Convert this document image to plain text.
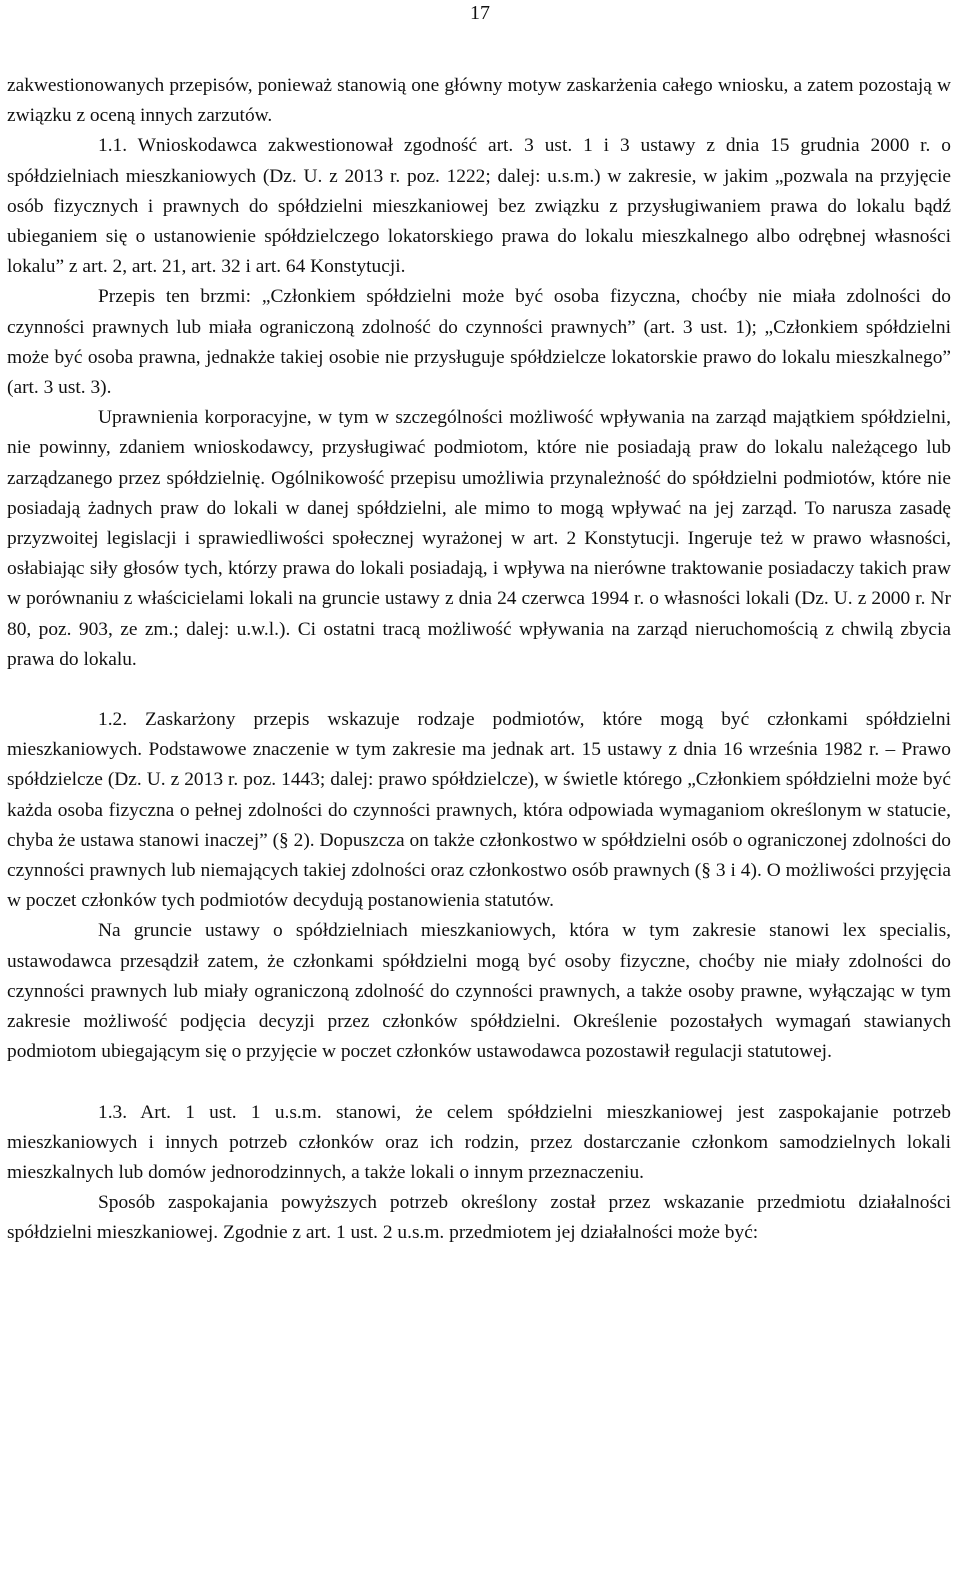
17

zakwestionowanych przepisów, ponieważ stanowią one główny motyw zaskarżenia całego wniosku, a zatem pozostają w związku z oceną innych zarzutów.

1.1. Wnioskodawca zakwestionował zgodność art. 3 ust. 1 i 3 ustawy z dnia 15 grudnia 2000 r. o spółdzielniach mieszkaniowych (Dz. U. z 2013 r. poz. 1222; dalej: u.s.m.) w zakresie, w jakim „pozwala na przyjęcie osób fizycznych i prawnych do spółdzielni mieszkaniowej bez związku z przysługiwaniem prawa do lokalu bądź ubieganiem się o ustanowienie spółdzielczego lokatorskiego prawa do lokalu mieszkalnego albo odrębnej własności lokalu” z art. 2, art. 21, art. 32 i art. 64 Konstytucji.

Przepis ten brzmi: „Członkiem spółdzielni może być osoba fizyczna, choćby nie miała zdolności do czynności prawnych lub miała ograniczoną zdolność do czynności prawnych” (art. 3 ust. 1); „Członkiem spółdzielni może być osoba prawna, jednakże takiej osobie nie przysługuje spółdzielcze lokatorskie prawo do lokalu mieszkalnego” (art. 3 ust. 3).

Uprawnienia korporacyjne, w tym w szczególności możliwość wpływania na zarząd majątkiem spółdzielni, nie powinny, zdaniem wnioskodawcy, przysługiwać podmiotom, które nie posiadają praw do lokalu należącego lub zarządzanego przez spółdzielnię. Ogólnikowość przepisu umożliwia przynależność do spółdzielni podmiotów, które nie posiadają żadnych praw do lokali w danej spółdzielni, ale mimo to mogą wpływać na jej zarząd. To narusza zasadę przyzwoitej legislacji i sprawiedliwości społecznej wyrażonej w art. 2 Konstytucji. Ingeruje też w prawo własności, osłabiając siły głosów tych, którzy prawa do lokali posiadają, i wpływa na nierówne traktowanie posiadaczy takich praw w porównaniu z właścicielami lokali na gruncie ustawy z dnia 24 czerwca 1994 r. o własności lokali (Dz. U. z 2000 r. Nr 80, poz. 903, ze zm.; dalej: u.w.l.). Ci ostatni tracą możliwość wpływania na zarząd nieruchomością z chwilą zbycia prawa do lokalu.

1.2. Zaskarżony przepis wskazuje rodzaje podmiotów, które mogą być członkami spółdzielni mieszkaniowych. Podstawowe znaczenie w tym zakresie ma jednak art. 15 ustawy z dnia 16 września 1982 r. – Prawo spółdzielcze (Dz. U. z 2013 r. poz. 1443; dalej: prawo spółdzielcze), w świetle którego „Członkiem spółdzielni może być każda osoba fizyczna o pełnej zdolności do czynności prawnych, która odpowiada wymaganiom określonym w statucie, chyba że ustawa stanowi inaczej” (§ 2). Dopuszcza on także członkostwo w spółdzielni osób o ograniczonej zdolności do czynności prawnych lub niemających takiej zdolności oraz członkostwo osób prawnych (§ 3 i 4). O możliwości przyjęcia w poczet członków tych podmiotów decydują postanowienia statutów.

Na gruncie ustawy o spółdzielniach mieszkaniowych, która w tym zakresie stanowi lex specialis, ustawodawca przesądził zatem, że członkami spółdzielni mogą być osoby fizyczne, choćby nie miały zdolności do czynności prawnych lub miały ograniczoną zdolność do czynności prawnych, a także osoby prawne, wyłączając w tym zakresie możliwość podjęcia decyzji przez członków spółdzielni. Określenie pozostałych wymagań stawianych podmiotom ubiegającym się o przyjęcie w poczet członków ustawodawca pozostawił regulacji statutowej.

1.3. Art. 1 ust. 1 u.s.m. stanowi, że celem spółdzielni mieszkaniowej jest zaspokajanie potrzeb mieszkaniowych i innych potrzeb członków oraz ich rodzin, przez dostarczanie członkom samodzielnych lokali mieszkalnych lub domów jednorodzinnych, a także lokali o innym przeznaczeniu.

Sposób zaspokajania powyższych potrzeb określony został przez wskazanie przedmiotu działalności spółdzielni mieszkaniowej. Zgodnie z art. 1 ust. 2 u.s.m. przedmiotem jej działalności może być:
